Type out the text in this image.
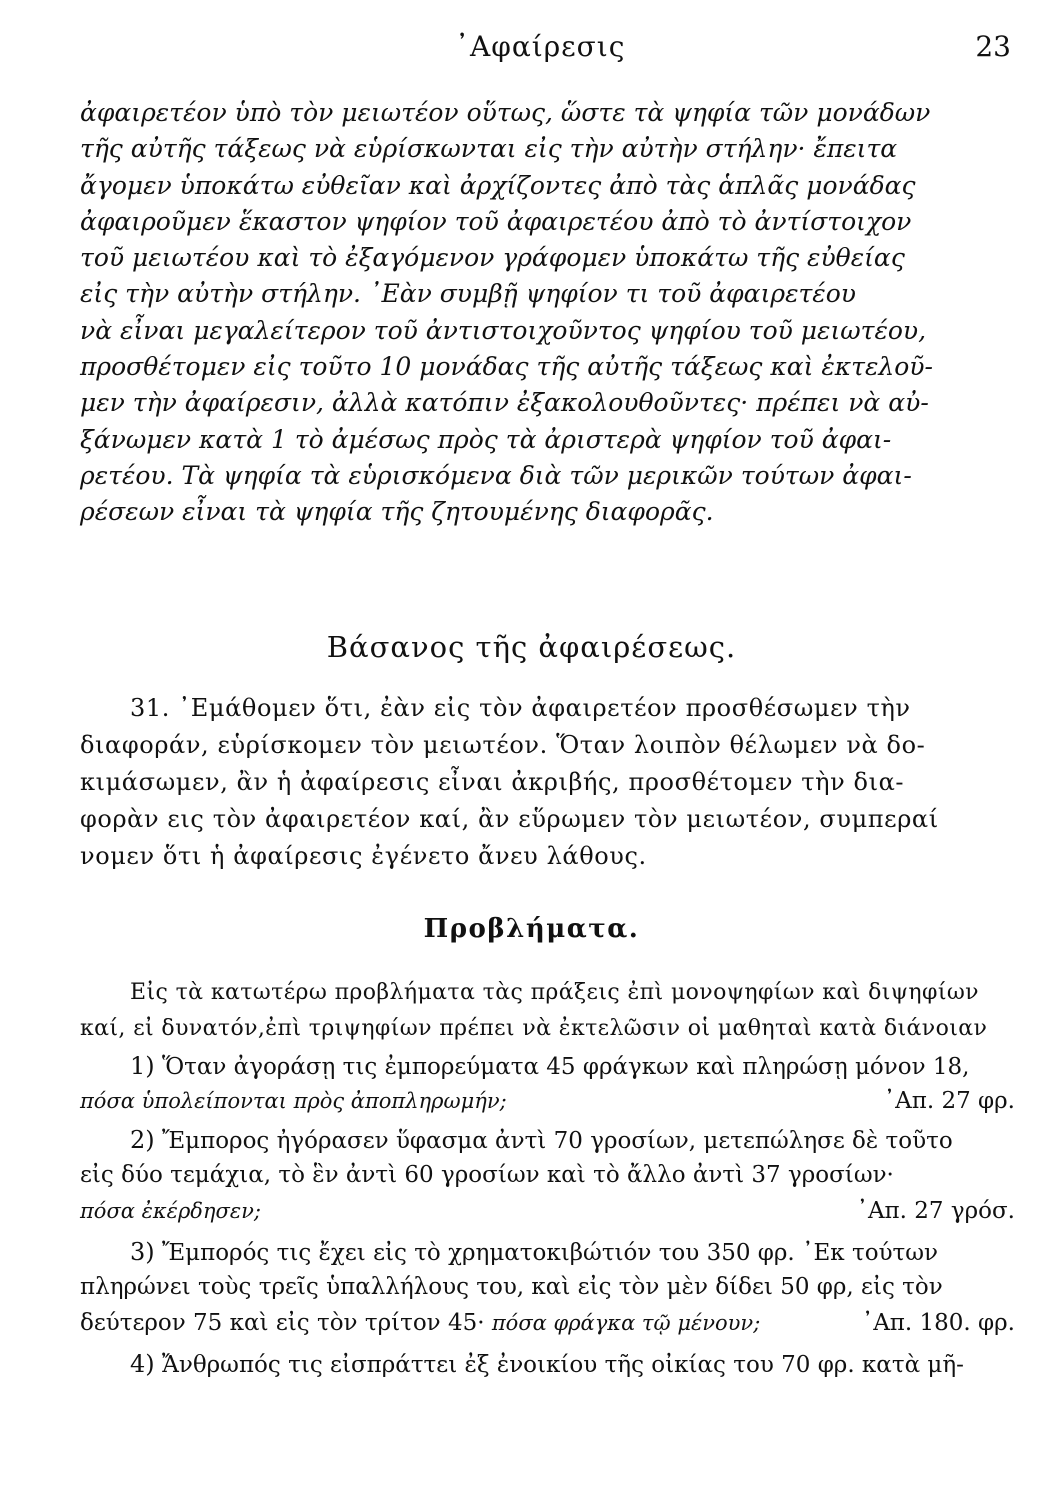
᾿Αφαίρεσις	23
ἀφαιρετέον ὑπὸ τὸν μειωτέον οὕτως, ὥστε τὰ ψηφία τῶν μονάδων
τῆς αὐτῆς τάξεως νὰ εὑρίσκωνται εἰς τὴν αὐτὴν στήλην· ἔπειτα
ἄγομεν ὑποκάτω εὐθεῖαν καὶ ἀρχίζοντες ἀπὸ τὰς ἁπλᾶς μονάδας
ἀφαιροῦμεν ἕκαστον ψηφίον τοῦ ἀφαιρετέου ἀπὸ τὸ ἀντίστοιχον
τοῦ μειωτέου καὶ τὸ ἐξαγόμενον γράφομεν ὑποκάτω τῆς εὐθείας
εἰς τὴν αὐτὴν στήλην. ᾿Εὰν συμβῇ ψηφίον τι τοῦ ἀφαιρετέου
νὰ εἶναι μεγαλείτερον τοῦ ἀντιστοιχοῦντος ψηφίου τοῦ μειωτέου,
προσθέτομεν εἰς τοῦτο 10 μονάδας τῆς αὐτῆς τάξεως καὶ ἐκτελοῦ-
μεν τὴν ἀφαίρεσιν, ἀλλὰ κατόπιν ἐξακολουθοῦντες· πρέπει νὰ αὐ-
ξάνωμεν κατὰ 1 τὸ ἀμέσως πρὸς τὰ ἀριστερὰ ψηφίον τοῦ ἀφαι-
ρετέου. Τὰ ψηφία τὰ εὑρισκόμενα διὰ τῶν μερικῶν τούτων ἀφαι-
ρέσεων εἶναι τὰ ψηφία τῆς ζητουμένης διαφορᾶς.
Βάσανος τῆς ἀφαιρέσεως.
31. ᾿Εμάθομεν ὅτι, ἐὰν εἰς τὸν ἀφαιρετέον προσθέσωμεν τὴν
διαφοράν, εὑρίσκομεν τὸν μειωτέον. Ὅταν λοιπὸν θέλωμεν νὰ δο-
κιμάσωμεν, ἂν ἡ ἀφαίρεσις εἶναι ἀκριβής, προσθέτομεν τὴν δια-
φορὰν εις τὸν ἀφαιρετέον καί, ἂν εὕρωμεν τὸν μειωτέον, συμπεραί
νομεν ὅτι ἡ ἀφαίρεσις ἐγένετο ἄνευ λάθους.
Προβλήματα.
Εἰς τὰ κατωτέρω προβλήματα τὰς πράξεις ἐπὶ μονοψηφίων καὶ διψηφίων
καί, εἰ δυνατόν,ἐπὶ τριψηφίων πρέπει νὰ ἐκτελῶσιν οἱ μαθηταὶ κατὰ διάνοιαν
1) Ὅταν ἀγοράσῃ τις ἐμπορεύματα 45 φράγκων καὶ πληρώσῃ μόνον 18,
πόσα ὑπολείπονται πρὸς ἀποπληρωμήν;	᾿Απ. 27 φρ.
2) Ἔμπορος ἠγόρασεν ὕφασμα ἀντὶ 70 γροσίων, μετεπώλησε δὲ τοῦτο
εἰς δύο τεμάχια, τὸ ἓν ἀντὶ 60 γροσίων καὶ τὸ ἄλλο ἀντὶ 37 γροσίων·
πόσα ἐκέρδησεν;	᾿Απ. 27 γρόσ.
3) Ἔμπορός τις ἔχει εἰς τὸ χρηματοκιβώτιόν του 350 φρ. ᾿Εκ τούτων
πληρώνει τοὺς τρεῖς ὑπαλλήλους του, καὶ εἰς τὸν μὲν δίδει 50 φρ, εἰς τὸν
δεύτερον 75 καὶ εἰς τὸν τρίτον 45· πόσα φράγκα τῷ μένουν;	᾿Απ. 180. φρ.
4) Ἄνθρωπός τις εἰσπράττει ἐξ ἐνοικίου τῆς οἰκίας του 70 φρ. κατὰ μῆ-
